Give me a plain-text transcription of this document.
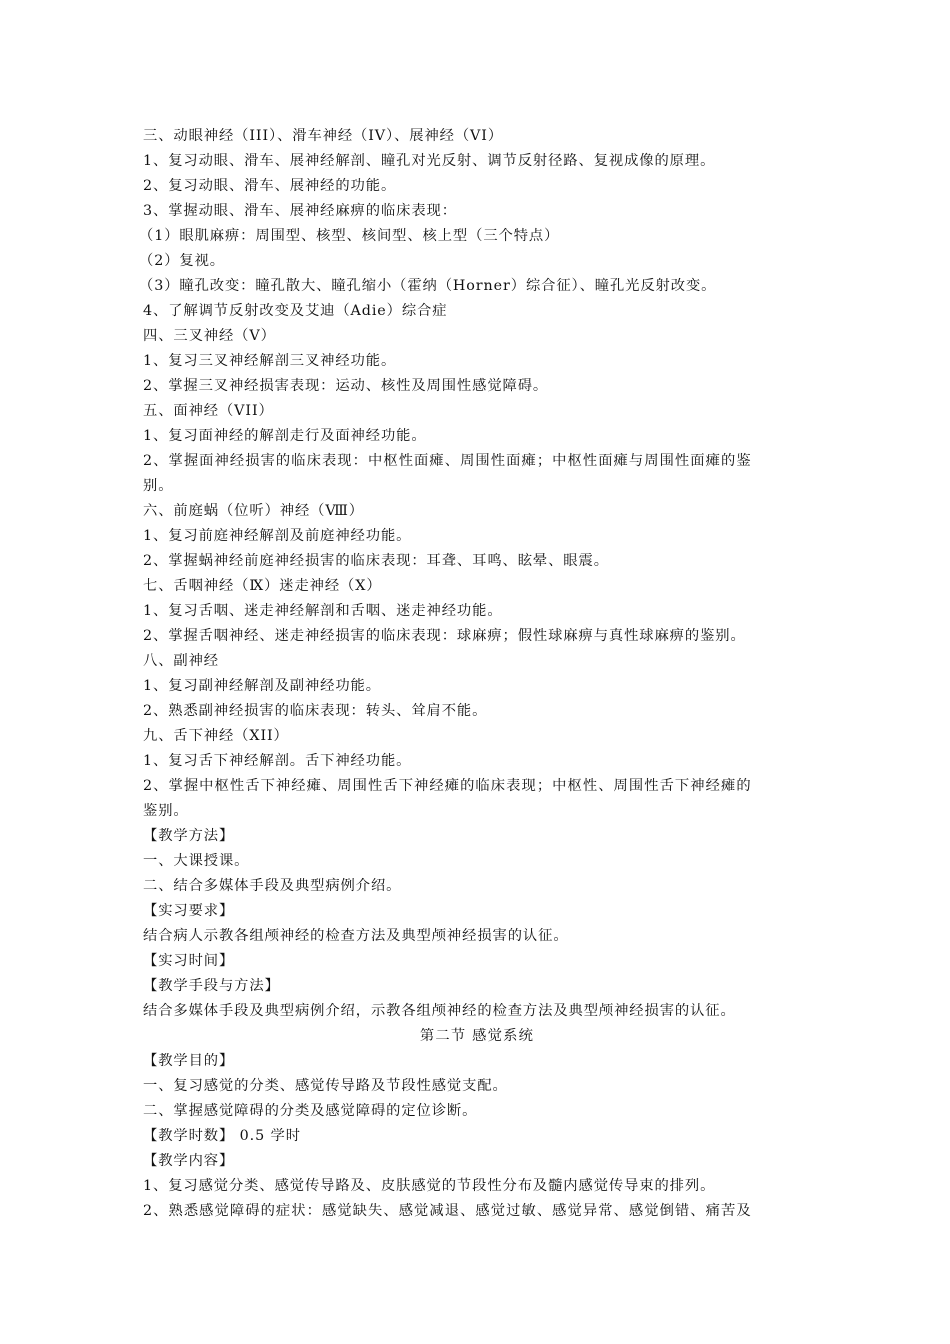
三、动眼神经（III）、滑车神经（IV）、展神经（VI）
1、复习动眼、滑车、展神经解剖、瞳孔对光反射、调节反射径路、复视成像的原理。
2、复习动眼、滑车、展神经的功能。
3、掌握动眼、滑车、展神经麻痹的临床表现：
（1）眼肌麻痹：周围型、核型、核间型、核上型（三个特点）
（2）复视。
（3）瞳孔改变：瞳孔散大、瞳孔缩小（霍纳（Horner）综合征）、瞳孔光反射改变。
4、了解调节反射改变及艾迪（Adie）综合症
四、三叉神经（V）
1、复习三叉神经解剖三叉神经功能。
2、掌握三叉神经损害表现：运动、核性及周围性感觉障碍。
五、面神经（VII）
1、复习面神经的解剖走行及面神经功能。
2、掌握面神经损害的临床表现：中枢性面瘫、周围性面瘫；中枢性面瘫与周围性面瘫的鉴
别。
六、前庭蜗（位听）神经（Ⅷ）
1、复习前庭神经解剖及前庭神经功能。
2、掌握蜗神经前庭神经损害的临床表现：耳聋、耳鸣、眩晕、眼震。
七、舌咽神经（Ⅸ）迷走神经（X）
1、复习舌咽、迷走神经解剖和舌咽、迷走神经功能。
2、掌握舌咽神经、迷走神经损害的临床表现：球麻痹；假性球麻痹与真性球麻痹的鉴别。
八、副神经
1、复习副神经解剖及副神经功能。
2、熟悉副神经损害的临床表现：转头、耸肩不能。
九、舌下神经（XII）
1、复习舌下神经解剖。舌下神经功能。
2、掌握中枢性舌下神经瘫、周围性舌下神经瘫的临床表现；中枢性、周围性舌下神经瘫的
鉴别。
【教学方法】
一、大课授课。
二、结合多媒体手段及典型病例介绍。
【实习要求】
结合病人示教各组颅神经的检查方法及典型颅神经损害的认征。
【实习时间】
【教学手段与方法】
结合多媒体手段及典型病例介绍，示教各组颅神经的检查方法及典型颅神经损害的认征。
第二节 感觉系统
【教学目的】
一、复习感觉的分类、感觉传导路及节段性感觉支配。
二、掌握感觉障碍的分类及感觉障碍的定位诊断。
【教学时数】 0.5 学时
【教学内容】
1、复习感觉分类、感觉传导路及、皮肤感觉的节段性分布及髓内感觉传导束的排列。
2、熟悉感觉障碍的症状：感觉缺失、感觉减退、感觉过敏、感觉异常、感觉倒错、痛苦及
